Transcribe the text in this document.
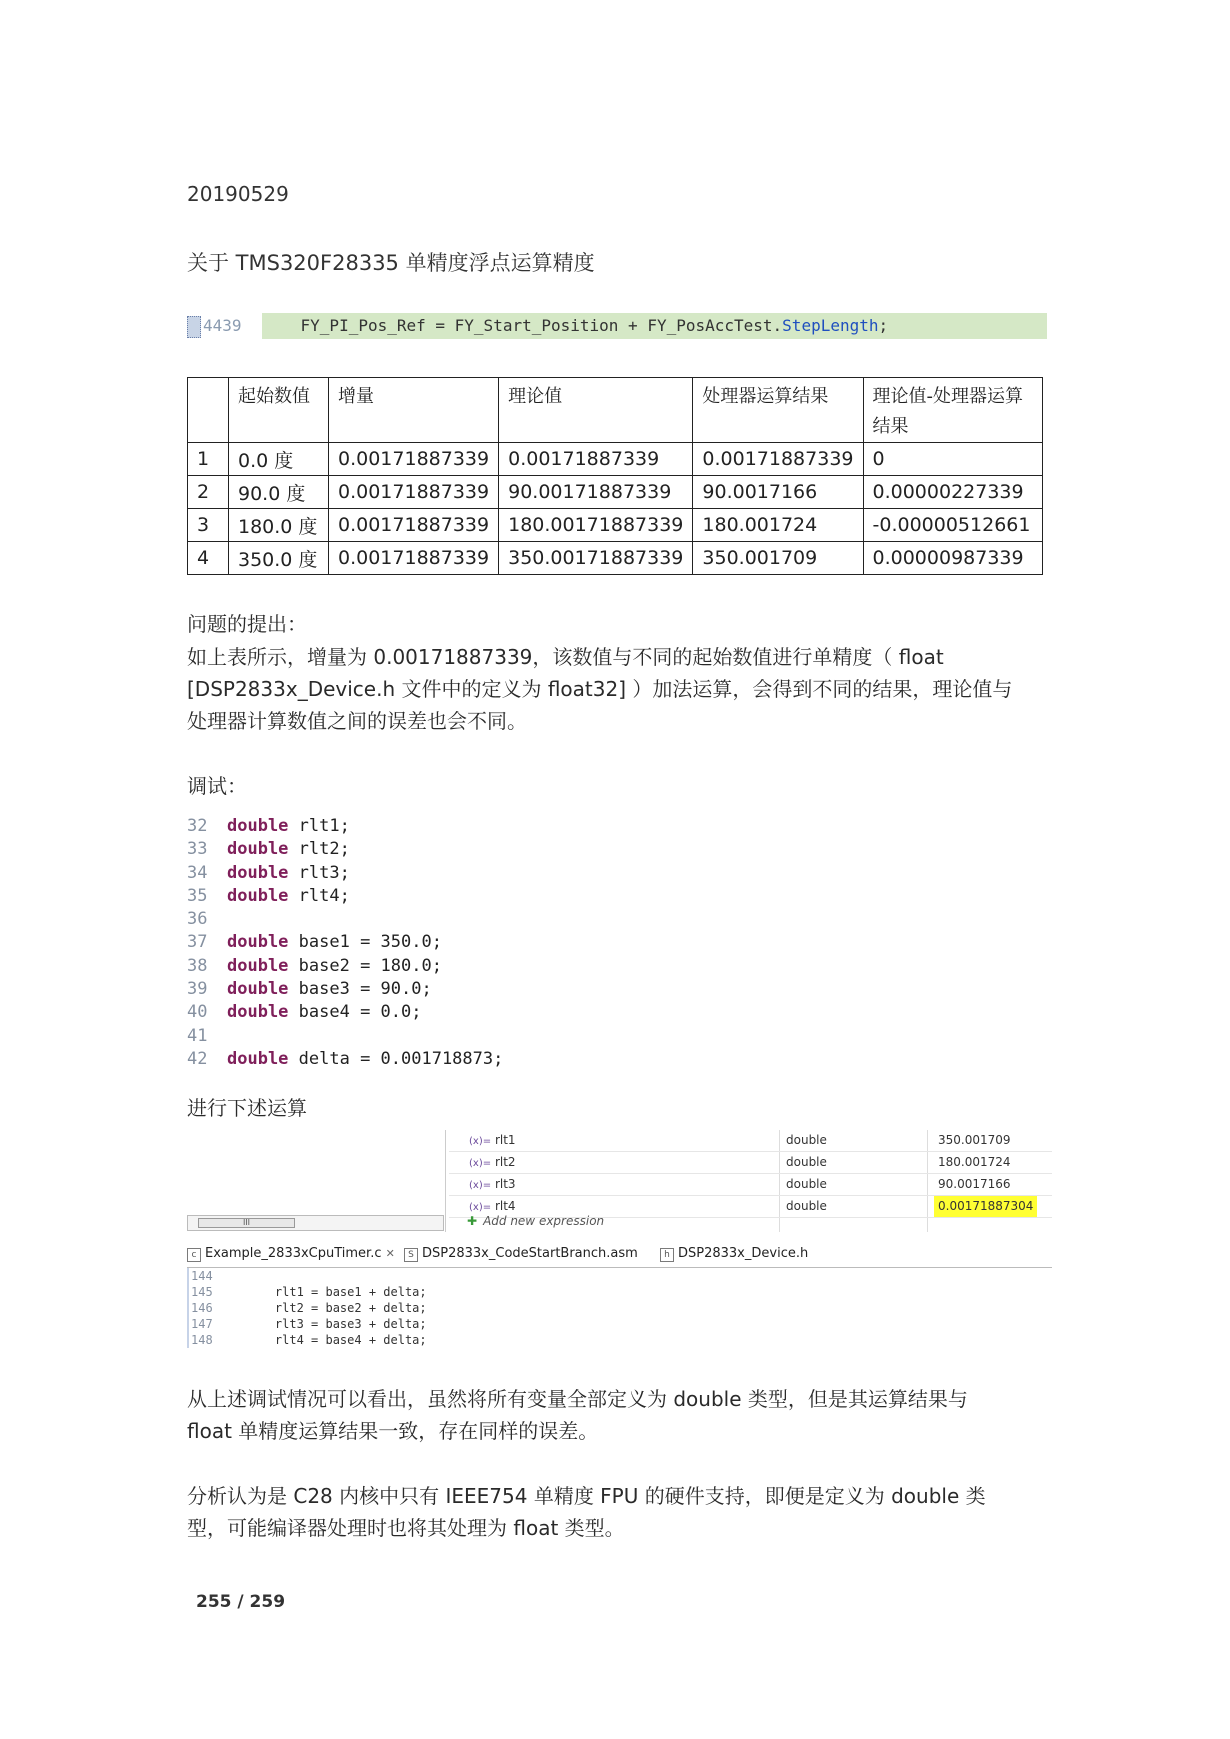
20190529
关于 TMS320F28335 单精度浮点运算精度
4439	FY_PI_Pos_Ref = FY_Start_Position + FY_PosAccTest.StepLength;
	起始数值	增量	理论值	处理器运算结果	理论值-处理器运算结果
1	0.0 度	0.00171887339	0.00171887339	0.00171887339	0
2	90.0 度	0.00171887339	90.00171887339	90.0017166	0.00000227339
3	180.0 度	0.00171887339	180.00171887339	180.001724	-0.00000512661
4	350.0 度	0.00171887339	350.00171887339	350.001709	0.00000987339
问题的提出：
如上表所示，增量为 0.00171887339，该数值与不同的起始数值进行单精度（ float
[DSP2833x_Device.h 文件中的定义为 float32] ）加法运算，会得到不同的结果，理论值与
处理器计算数值之间的误差也会不同。
调试：
32 double rlt1;
33 double rlt2;
34 double rlt3;
35 double rlt4;
36
37 double base1 = 350.0;
38 double base2 = 180.0;
39 double base3 = 90.0;
40 double base4 = 0.0;
41
42 double delta = 0.001718873;
进行下述运算
III
(x)= rlt1	double	350.001709
(x)= rlt2	double	180.001724
(x)= rlt3	double	90.0017166
(x)= rlt4	double	0.00171887304
✚ Add new expression
c Example_2833xCpuTimer.c ✕	S DSP2833x_CodeStartBranch.asm	h DSP2833x_Device.h
144
145	rlt1 = base1 + delta;
146	rlt2 = base2 + delta;
147	rlt3 = base3 + delta;
148	rlt4 = base4 + delta;
从上述调试情况可以看出，虽然将所有变量全部定义为 double 类型，但是其运算结果与
float 单精度运算结果一致，存在同样的误差。
分析认为是 C28 内核中只有 IEEE754 单精度 FPU 的硬件支持，即便是定义为 double 类
型，可能编译器处理时也将其处理为 float 类型。
255 / 259
